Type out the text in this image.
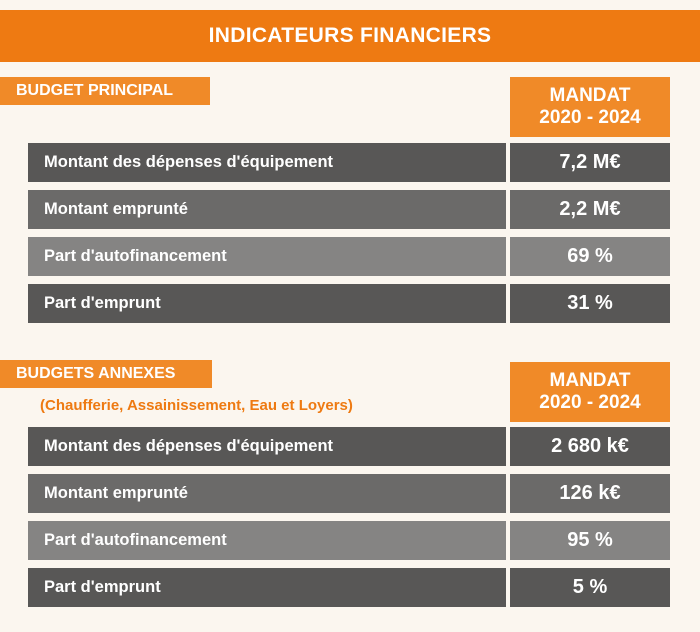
INDICATEURS FINANCIERS
BUDGET PRINCIPAL	MANDAT
2020 - 2024
Montant des dépenses d'équipement	7,2 M€
Montant emprunté	2,2 M€
Part d'autofinancement	69 %
Part d'emprunt	31 %
BUDGETS ANNEXES
(Chaufferie, Assainissement, Eau et Loyers)
MANDAT
2020 - 2024
Montant des dépenses d'équipement	2 680 k€
Montant emprunté	126 k€
Part d'autofinancement	95 %
Part d'emprunt	5 %
